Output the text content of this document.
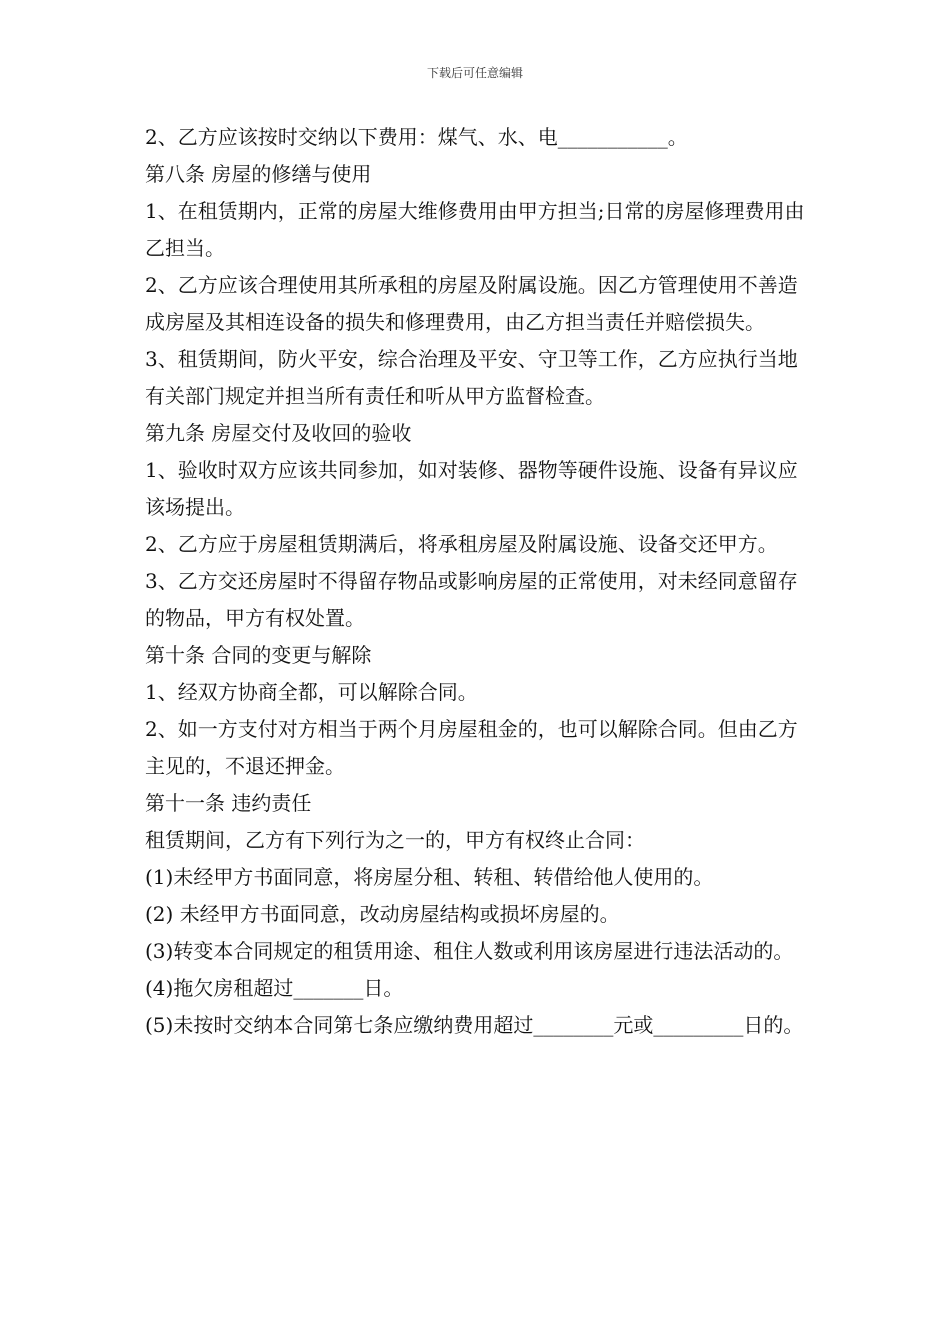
下载后可任意编辑

2、乙方应该按时交纳以下费用：煤气、水、电___________。

第八条 房屋的修缮与使用

1、在租赁期内，正常的房屋大维修费用由甲方担当;日常的房屋修理费用由乙担当。

2、乙方应该合理使用其所承租的房屋及附属设施。因乙方管理使用不善造成房屋及其相连设备的损失和修理费用，由乙方担当责任并赔偿损失。

3、租赁期间，防火平安，综合治理及平安、守卫等工作，乙方应执行当地有关部门规定并担当所有责任和听从甲方监督检查。

第九条 房屋交付及收回的验收

1、验收时双方应该共同参加，如对装修、器物等硬件设施、设备有异议应该场提出。

2、乙方应于房屋租赁期满后，将承租房屋及附属设施、设备交还甲方。

3、乙方交还房屋时不得留存物品或影响房屋的正常使用，对未经同意留存的物品，甲方有权处置。

第十条 合同的变更与解除

1、经双方协商全都，可以解除合同。

2、如一方支付对方相当于两个月房屋租金的，也可以解除合同。但由乙方主见的，不退还押金。

第十一条 违约责任

租赁期间，乙方有下列行为之一的，甲方有权终止合同：

(1)未经甲方书面同意，将房屋分租、转租、转借给他人使用的。

(2) 未经甲方书面同意，改动房屋结构或损坏房屋的。

(3)转变本合同规定的租赁用途、租住人数或利用该房屋进行违法活动的。

(4)拖欠房租超过_______日。

(5)未按时交纳本合同第七条应缴纳费用超过________元或_________日的。
